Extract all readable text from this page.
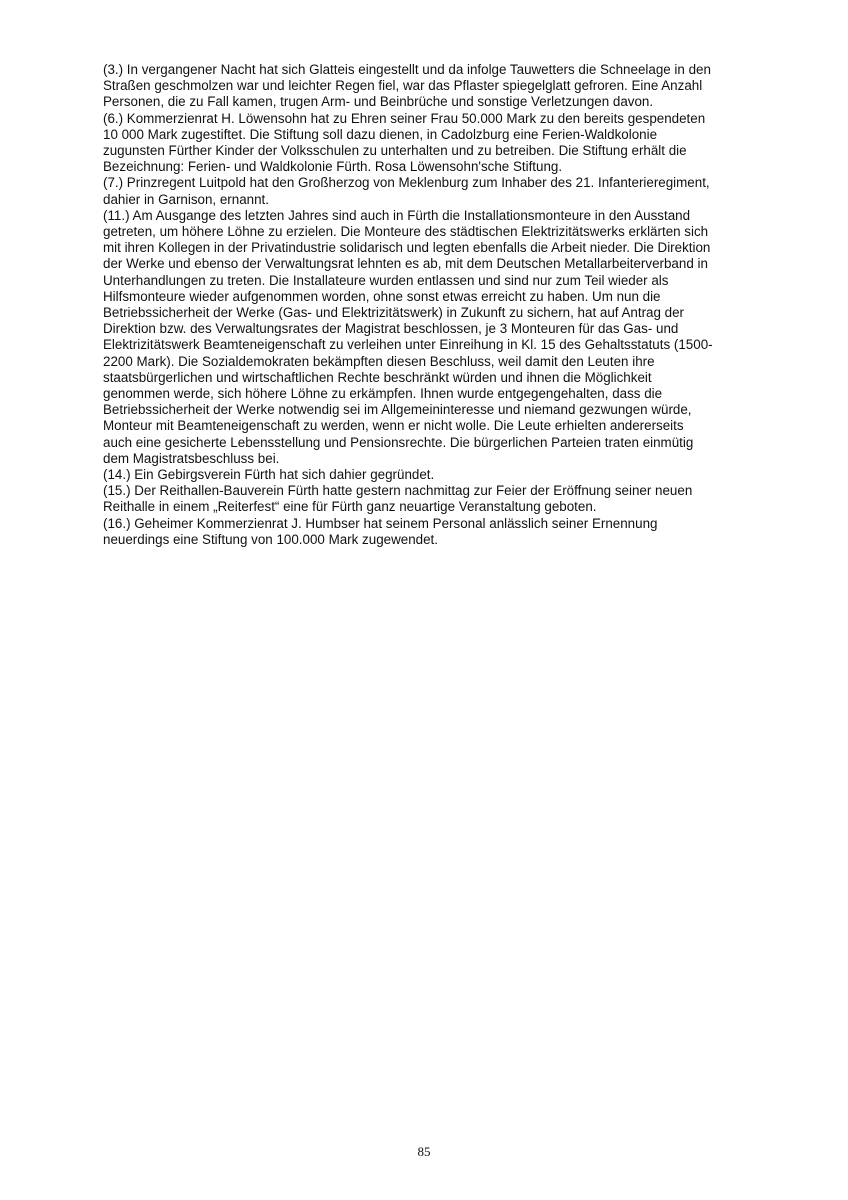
(3.) In vergangener Nacht hat sich Glatteis eingestellt und da infolge Tauwetters die Schneelage in den
Straßen geschmolzen war und leichter Regen fiel, war das Pflaster spiegelglatt gefroren. Eine Anzahl
Personen, die zu Fall kamen, trugen Arm- und Beinbrüche und sonstige Verletzungen davon.

(6.) Kommerzienrat H. Löwensohn hat zu Ehren seiner Frau 50.000 Mark zu den bereits gespendeten
10 000 Mark zugestiftet. Die Stiftung soll dazu dienen, in Cadolzburg eine Ferien-Waldkolonie
zugunsten Fürther Kinder der Volksschulen zu unterhalten und zu betreiben. Die Stiftung erhält die
Bezeichnung: Ferien- und Waldkolonie Fürth. Rosa Löwensohn'sche Stiftung.

(7.) Prinzregent Luitpold hat den Großherzog von Meklenburg zum Inhaber des 21. Infanterieregiment,
dahier in Garnison, ernannt.

(11.) Am Ausgange des letzten Jahres sind auch in Fürth die Installationsmonteure in den Ausstand
getreten, um höhere Löhne zu erzielen. Die Monteure des städtischen Elektrizitätswerks erklärten sich
mit ihren Kollegen in der Privatindustrie solidarisch und legten ebenfalls die Arbeit nieder. Die Direktion
der Werke und ebenso der Verwaltungsrat lehnten es ab, mit dem Deutschen Metallarbeiterverband in
Unterhandlungen zu treten. Die Installateure wurden entlassen und sind nur zum Teil wieder als
Hilfsmonteure wieder aufgenommen worden, ohne sonst etwas erreicht zu haben. Um nun die
Betriebssicherheit der Werke (Gas- und Elektrizitätswerk) in Zukunft zu sichern, hat auf Antrag der
Direktion bzw. des Verwaltungsrates der Magistrat beschlossen, je 3 Monteuren für das Gas- und
Elektrizitätswerk Beamteneigenschaft zu verleihen unter Einreihung in Kl. 15 des Gehaltsstatuts (1500-
2200 Mark). Die Sozialdemokraten bekämpften diesen Beschluss, weil damit den Leuten ihre
staatsbürgerlichen und wirtschaftlichen Rechte beschränkt würden und ihnen die Möglichkeit
genommen werde, sich höhere Löhne zu erkämpfen. Ihnen wurde entgegengehalten, dass die
Betriebssicherheit der Werke notwendig sei im Allgemeininteresse und niemand gezwungen würde,
Monteur mit Beamteneigenschaft zu werden, wenn er nicht wolle. Die Leute erhielten andererseits
auch eine gesicherte Lebensstellung und Pensionsrechte. Die bürgerlichen Parteien traten einmütig
dem Magistratsbeschluss bei.

(14.) Ein Gebirgsverein Fürth hat sich dahier gegründet.

(15.) Der Reithallen-Bauverein Fürth hatte gestern nachmittag zur Feier der Eröffnung seiner neuen
Reithalle in einem „Reiterfest“ eine für Fürth ganz neuartige Veranstaltung geboten.

(16.) Geheimer Kommerzienrat J. Humbser hat seinem Personal anlässlich seiner Ernennung
neuerdings eine Stiftung von 100.000 Mark zugewendet.

85
